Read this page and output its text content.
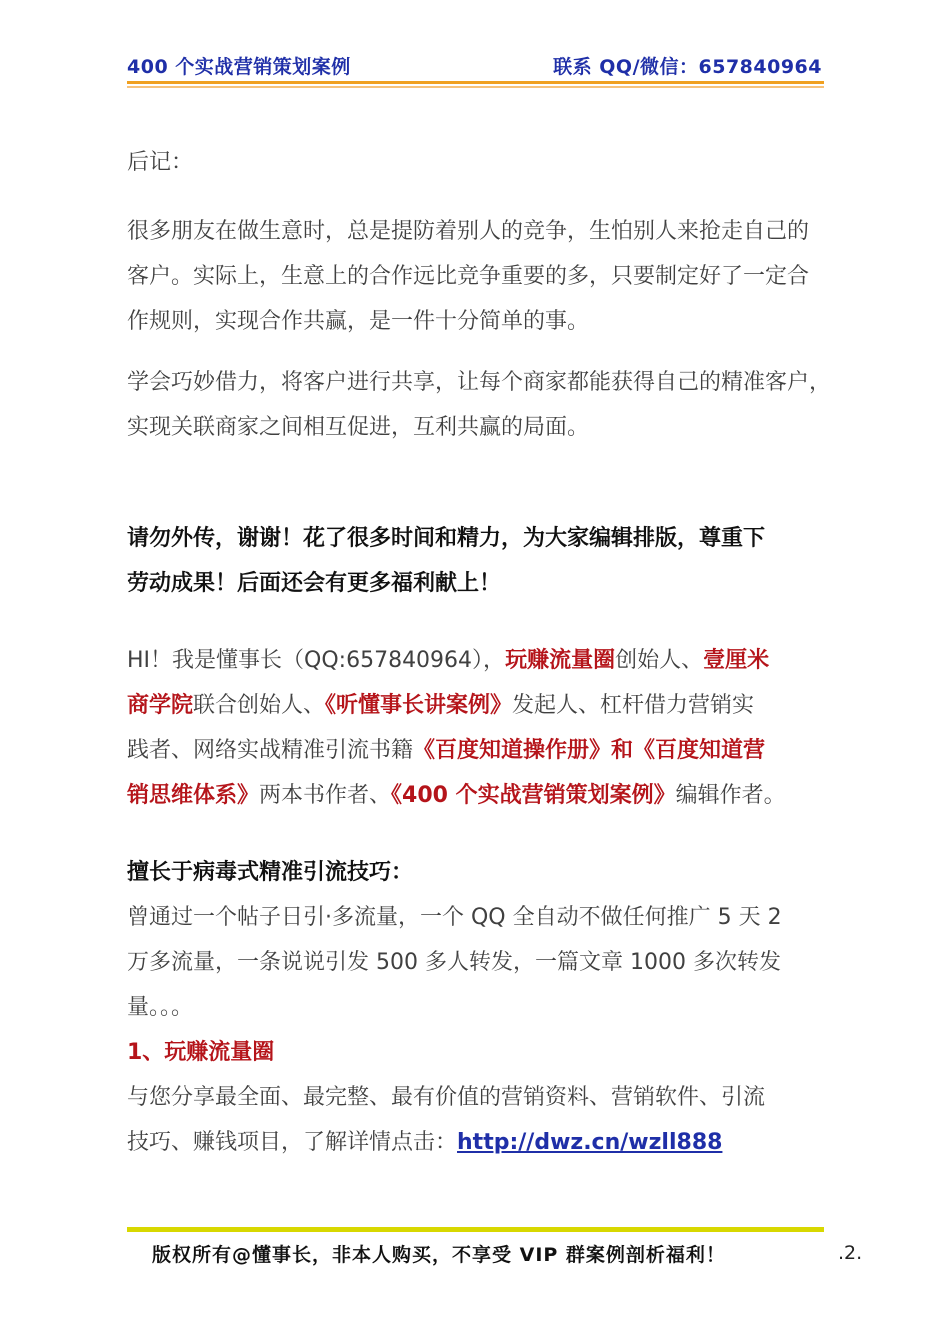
400 个实战营销策划案例	联系 QQ/微信：657840964
后记：
很多朋友在做生意时，总是提防着别人的竞争，生怕别人来抢走自己的
客户。实际上，生意上的合作远比竞争重要的多，只要制定好了一定合
作规则，实现合作共赢，是一件十分简单的事。
学会巧妙借力，将客户进行共享，让每个商家都能获得自己的精准客户，
实现关联商家之间相互促进，互利共赢的局面。
请勿外传，谢谢！花了很多时间和精力，为大家编辑排版，尊重下
劳动成果！后面还会有更多福利献上！
HI！我是懂事长（QQ:657840964），玩赚流量圈创始人、壹厘米
商学院联合创始人、《听懂事长讲案例》发起人、杠杆借力营销实
践者、网络实战精准引流书籍《百度知道操作册》和《百度知道营
销思维体系》两本书作者、《400 个实战营销策划案例》编辑作者。
擅长于病毒式精准引流技巧：
曾通过一个帖子日引·多流量，一个 QQ 全自动不做任何推广 5 天 2
万多流量，一条说说引发 500 多人转发，一篇文章 1000 多次转发
量。。。
1、玩赚流量圈
与您分享最全面、最完整、最有价值的营销资料、营销软件、引流
技巧、赚钱项目，了解详情点击：http://dwz.cn/wzll888
版权所有@懂事长，非本人购买，不享受 VIP 群案例剖析福利！	.2.
